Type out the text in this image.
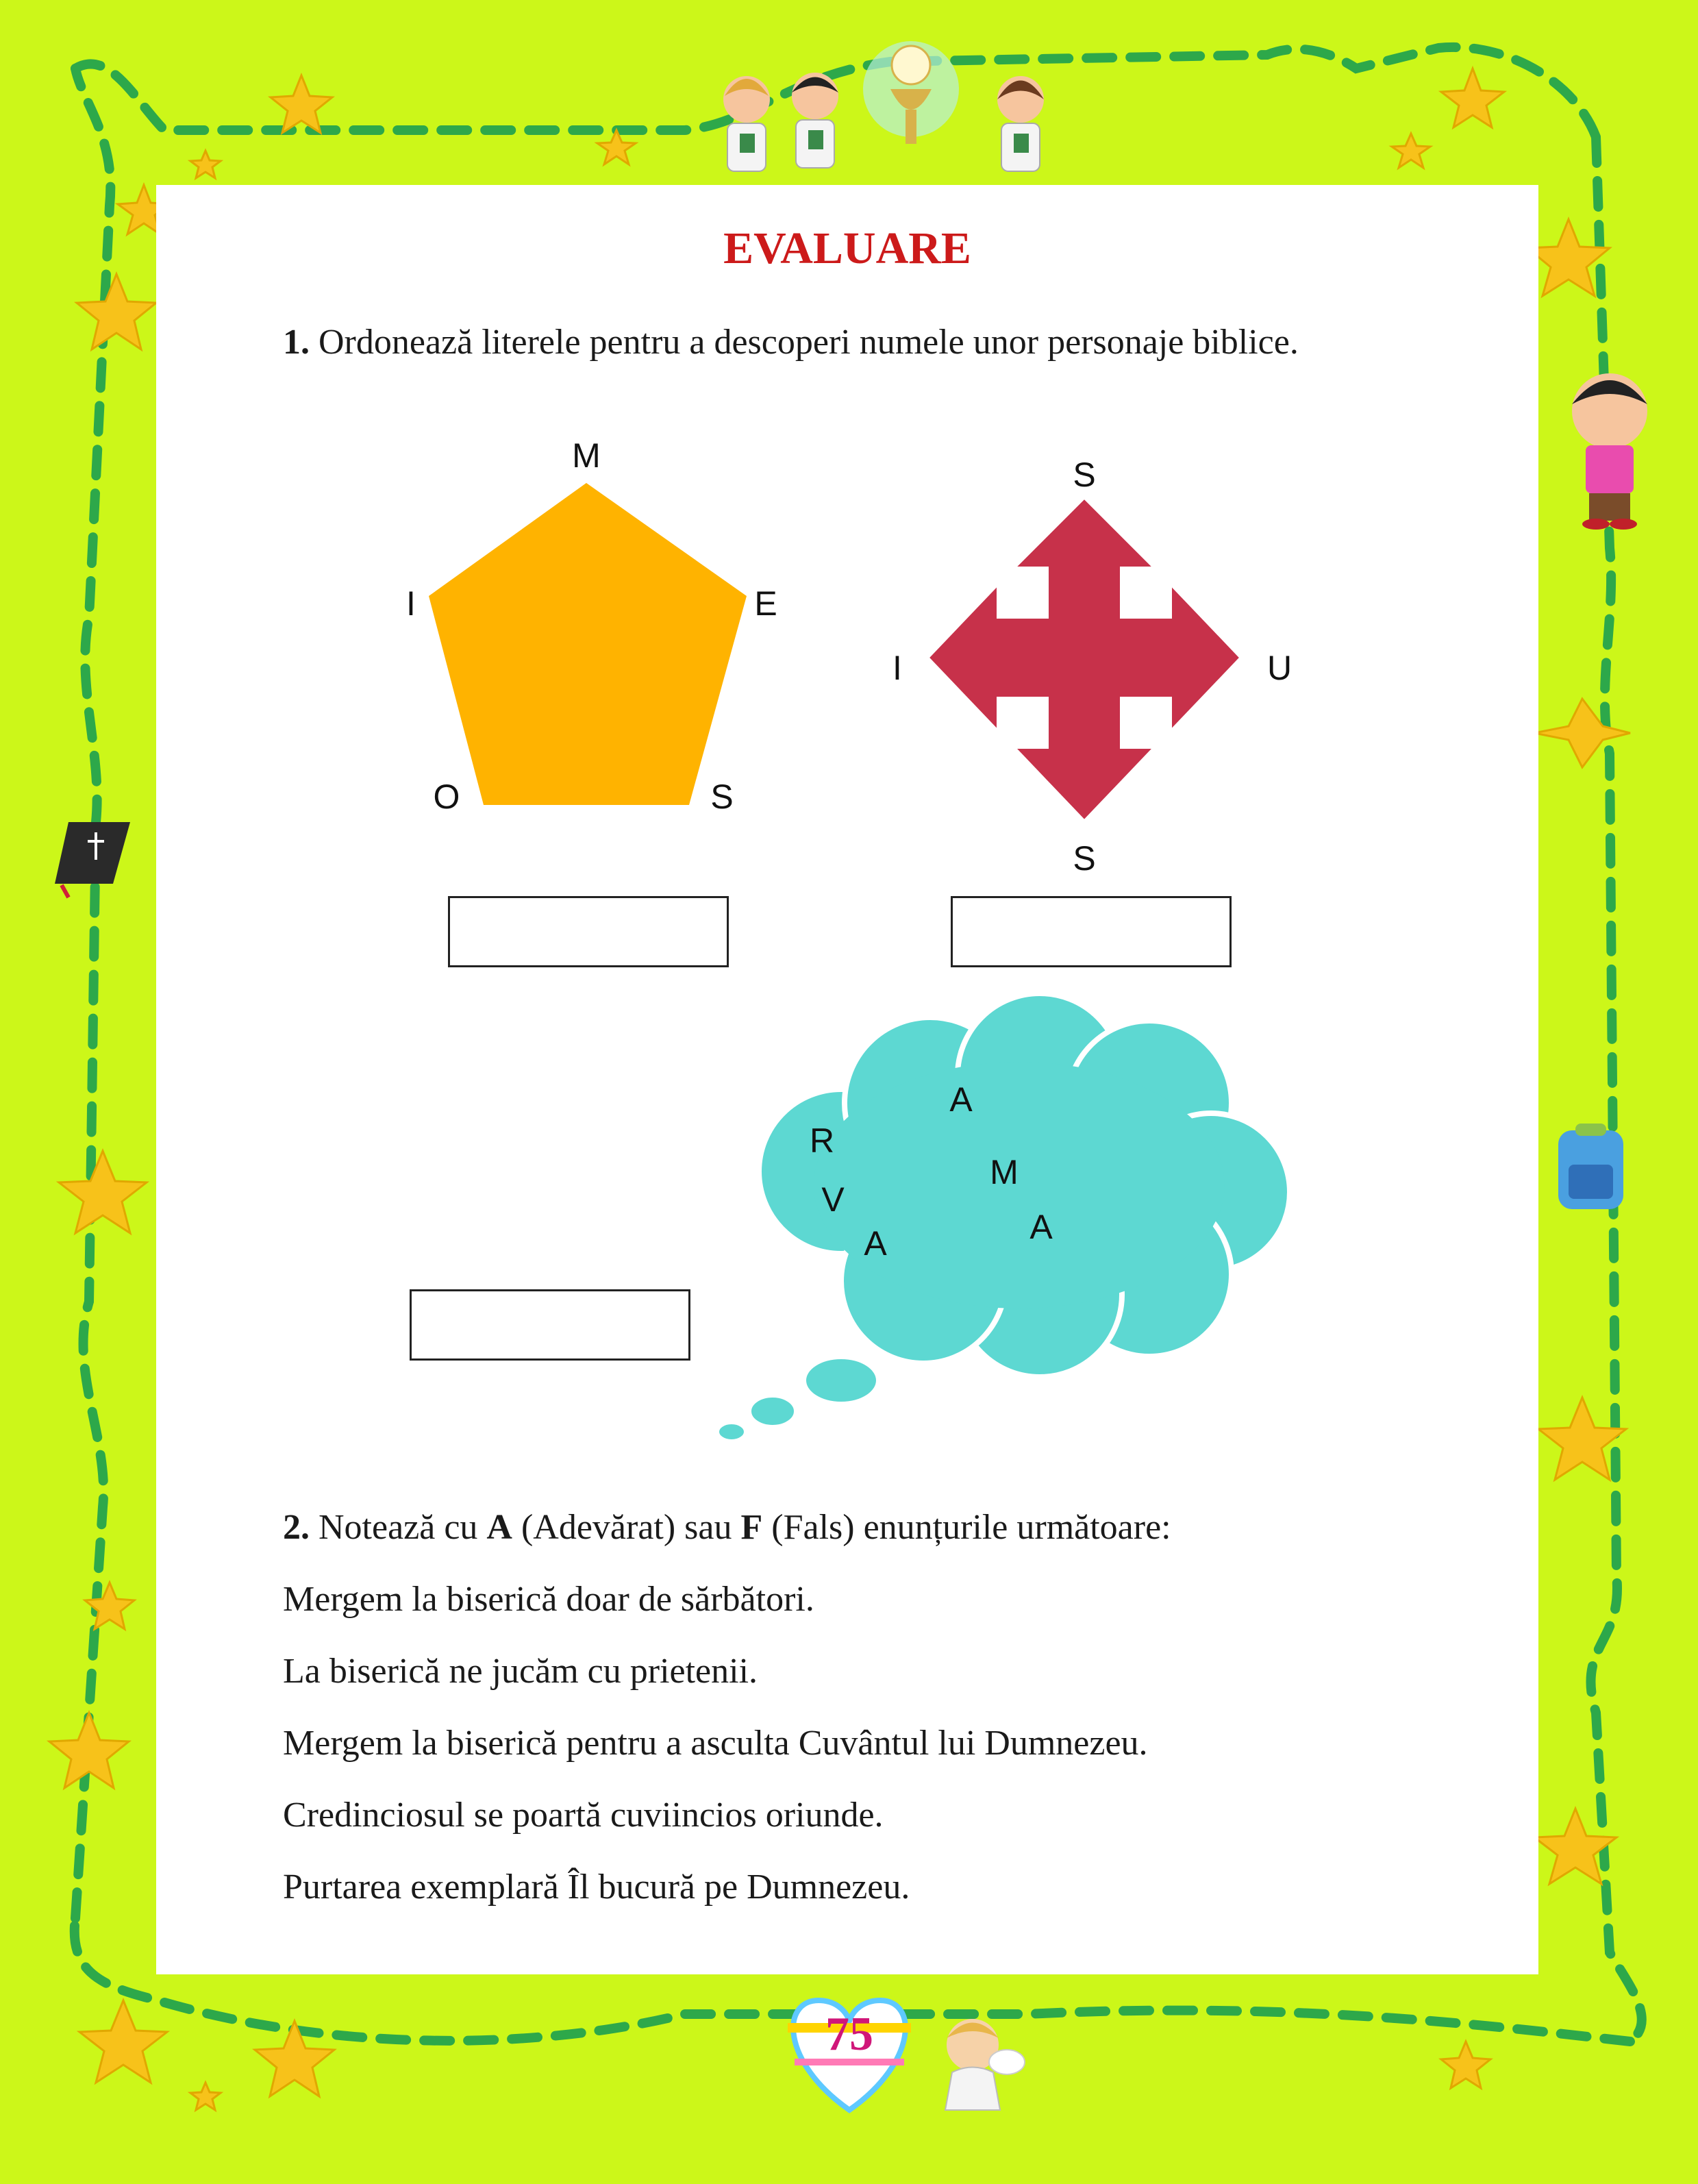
M
E
S
O
I
S
U
S
I
A
R
M
V
A
A
EVALUARE
1. Ordonează literele pentru a descoperi numele unor personaje biblice.
2. Notează cu A (Adevărat) sau F (Fals) enunțurile următoare:
Mergem la biserică doar de sărbători.
La biserică ne jucăm cu prietenii.
Mergem la biserică pentru a asculta Cuvântul lui Dumnezeu.
Credinciosul se poartă cuviincios oriunde.
Purtarea exemplară Îl bucură pe Dumnezeu.
75
